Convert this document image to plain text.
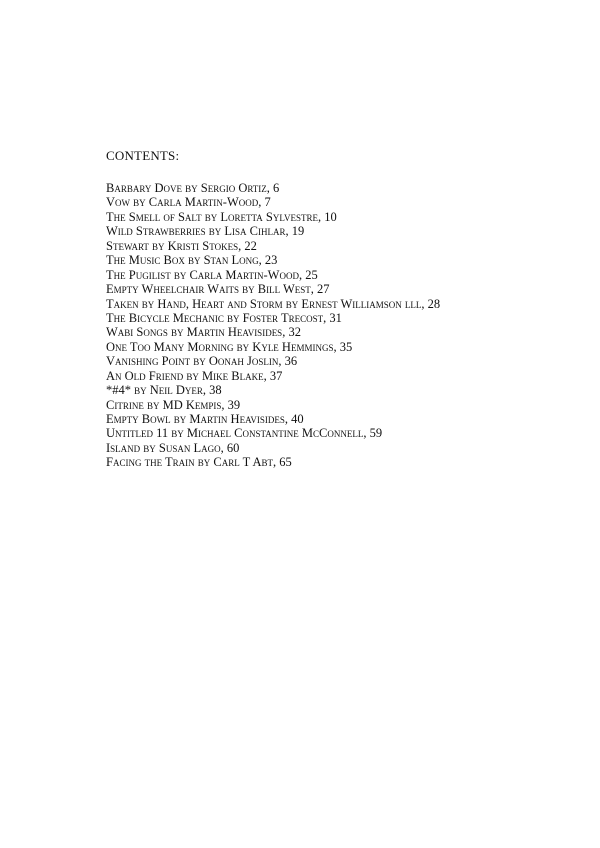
CONTENTS:
Barbary Dove by Sergio Ortiz, 6
Vow by Carla Martin-Wood, 7
The Smell of Salt by Loretta Sylvestre, 10
Wild Strawberries by Lisa Cihlar, 19
Stewart by Kristi Stokes, 22
The Music Box by Stan Long, 23
The Pugilist by Carla Martin-Wood, 25
Empty Wheelchair Waits by Bill West, 27
Taken by Hand, Heart and Storm by Ernest Williamson lll, 28
The Bicycle Mechanic by Foster Trecost, 31
Wabi Songs by Martin Heavisides, 32
One Too Many Morning by Kyle Hemmings, 35
Vanishing Point by Oonah Joslin, 36
An Old Friend by Mike Blake, 37
*#4* by Neil Dyer, 38
Citrine by MD Kempis, 39
Empty Bowl by Martin Heavisides, 40
Untitled 11 by Michael Constantine McConnell, 59
Island by Susan Lago, 60
Facing the Train by Carl T Abt, 65
